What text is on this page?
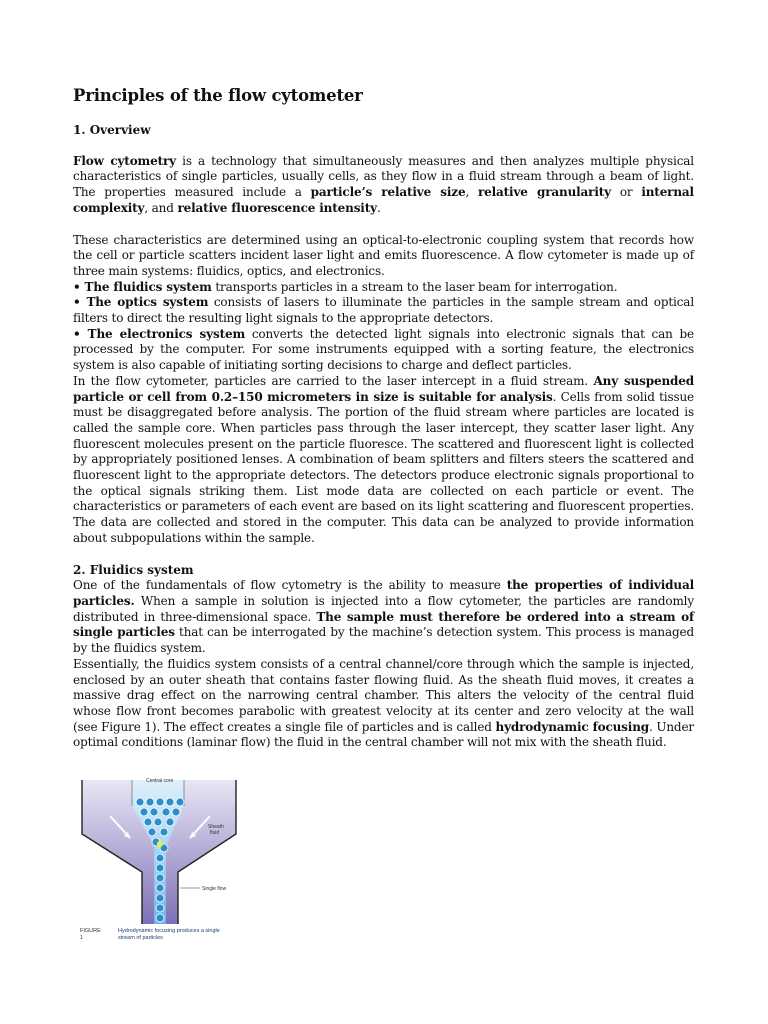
Principles of the flow cytometer
1. Overview

Flow cytometry is a technology that simultaneously measures and then analyzes multiple physical characteristics of single particles, usually cells, as they flow in a fluid stream through a beam of light. The properties measured include a particle’s relative size, relative granularity or internal complexity, and relative fluorescence intensity.

These characteristics are determined using an optical-to-electronic coupling system that records how the cell or particle scatters incident laser light and emits fluorescence. A flow cytometer is made up of three main systems: fluidics, optics, and electronics.

• The fluidics system transports particles in a stream to the laser beam for interrogation.

• The optics system consists of lasers to illuminate the particles in the sample stream and optical filters to direct the resulting light signals to the appropriate detectors.

• The electronics system converts the detected light signals into electronic signals that can be processed by the computer. For some instruments equipped with a sorting feature, the electronics system is also capable of initiating sorting decisions to charge and deflect particles.

In the flow cytometer, particles are carried to the laser intercept in a fluid stream. Any suspended particle or cell from 0.2–150 micrometers in size is suitable for analysis. Cells from solid tissue must be disaggregated before analysis. The portion of the fluid stream where particles are located is called the sample core. When particles pass through the laser intercept, they scatter laser light. Any fluorescent molecules present on the particle fluoresce. The scattered and fluorescent light is collected by appropriately positioned lenses. A combination of beam splitters and filters steers the scattered and fluorescent light to the appropriate detectors. The detectors produce electronic signals proportional to the optical signals striking them. List mode data are collected on each particle or event. The characteristics or parameters of each event are based on its light scattering and fluorescent properties. The data are collected and stored in the computer. This data can be analyzed to provide information about subpopulations within the sample.

2. Fluidics system

One of the fundamentals of flow cytometry is the ability to measure the properties of individual particles. When a sample in solution is injected into a flow cytometer, the particles are randomly distributed in three-dimensional space. The sample must therefore be ordered into a stream of single particles that can be interrogated by the machine’s detection system. This process is managed by the fluidics system.

Essentially, the fluidics system consists of a central channel/core through which the sample is injected, enclosed by an outer sheath that contains faster flowing fluid. As the sheath fluid moves, it creates a massive drag effect on the narrowing central chamber. This alters the velocity of the central fluid whose flow front becomes parabolic with greatest velocity at its center and zero velocity at the wall (see Figure 1). The effect creates a single file of particles and is called hydrodynamic focusing. Under optimal conditions (laminar flow) the fluid in the central chamber will not mix with the sheath fluid.

Central core
Sheath
fluid
Single flow
FIGURE 1
Hydrodynamic focusing produces a single stream of particles
